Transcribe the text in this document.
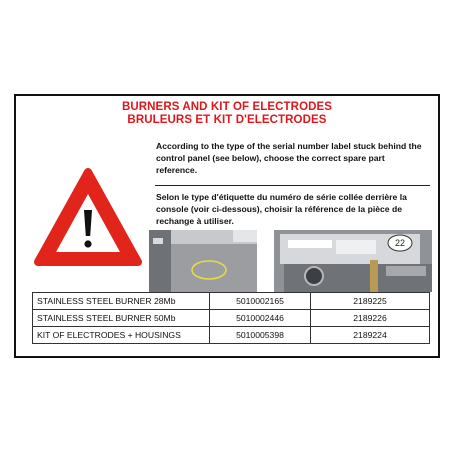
BURNERS AND KIT OF ELECTRODES
BRULEURS ET KIT D'ELECTRODES
According to the type of the serial number label stuck behind the control panel (see below), choose the correct spare part reference.
Selon le type d'étiquette du numéro de série collée derrière la console (voir ci-dessous), choisir la référence de la pièce de rechange à utiliser.
22
STAINLESS STEEL BURNER 28Mb	5010002165	2189225
STAINLESS STEEL BURNER 50Mb	5010002446	2189226
KIT OF ELECTRODES + HOUSINGS	5010005398	2189224
